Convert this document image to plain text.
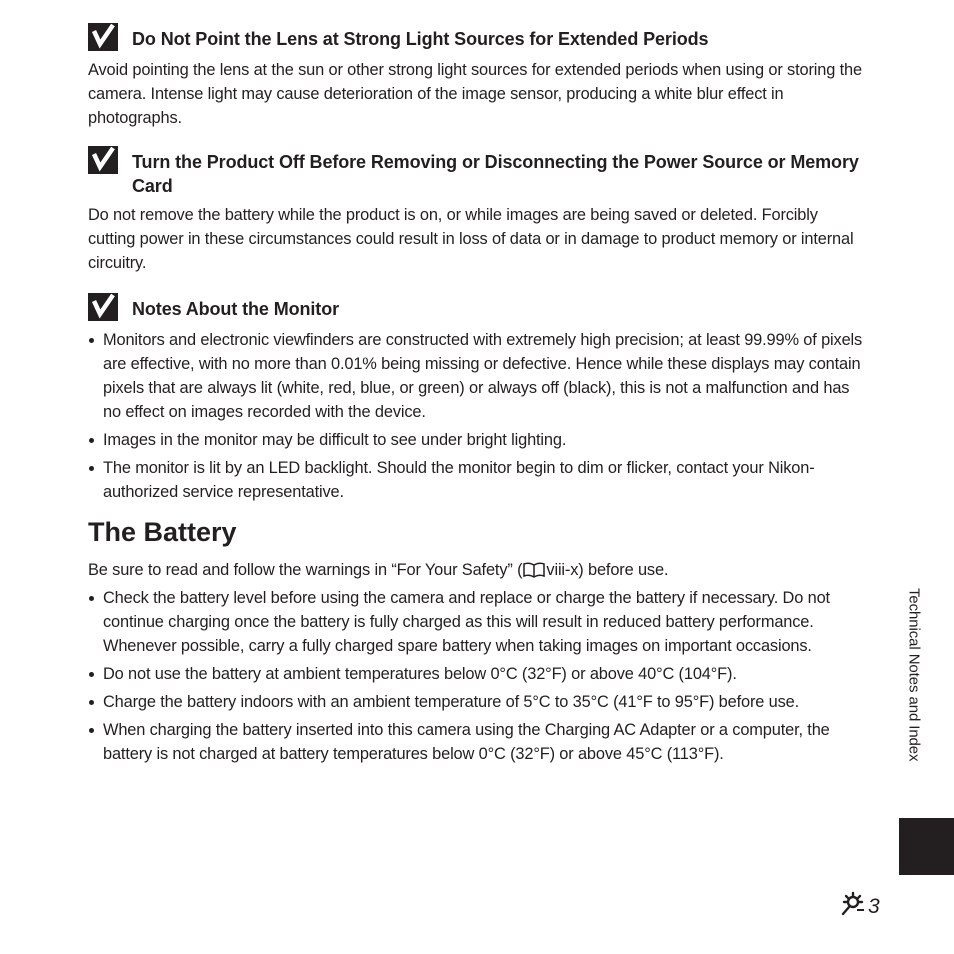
Do Not Point the Lens at Strong Light Sources for Extended Periods

Avoid pointing the lens at the sun or other strong light sources for extended periods when using or storing the camera. Intense light may cause deterioration of the image sensor, producing a white blur effect in photographs.

Turn the Product Off Before Removing or Disconnecting the Power Source or Memory Card

Do not remove the battery while the product is on, or while images are being saved or deleted. Forcibly cutting power in these circumstances could result in loss of data or in damage to product memory or internal circuitry.

Notes About the Monitor
Monitors and electronic viewfinders are constructed with extremely high precision; at least 99.99% of pixels are effective, with no more than 0.01% being missing or defective. Hence while these displays may contain pixels that are always lit (white, red, blue, or green) or always off (black), this is not a malfunction and has no effect on images recorded with the device.
Images in the monitor may be difficult to see under bright lighting.
The monitor is lit by an LED backlight. Should the monitor begin to dim or flicker, contact your Nikon-authorized service representative.
The Battery

Be sure to read and follow the warnings in “For Your Safety” ( viii-x) before use.

Check the battery level before using the camera and replace or charge the battery if necessary. Do not continue charging once the battery is fully charged as this will result in reduced battery performance. Whenever possible, carry a fully charged spare battery when taking images on important occasions.
Do not use the battery at ambient temperatures below 0°C (32°F) or above 40°C (104°F).
Charge the battery indoors with an ambient temperature of 5°C to 35°C (41°F to 95°F) before use.
When charging the battery inserted into this camera using the Charging AC Adapter or a computer, the battery is not charged at battery temperatures below 0°C (32°F) or above 45°C (113°F).	Technical Notes and Index
3
